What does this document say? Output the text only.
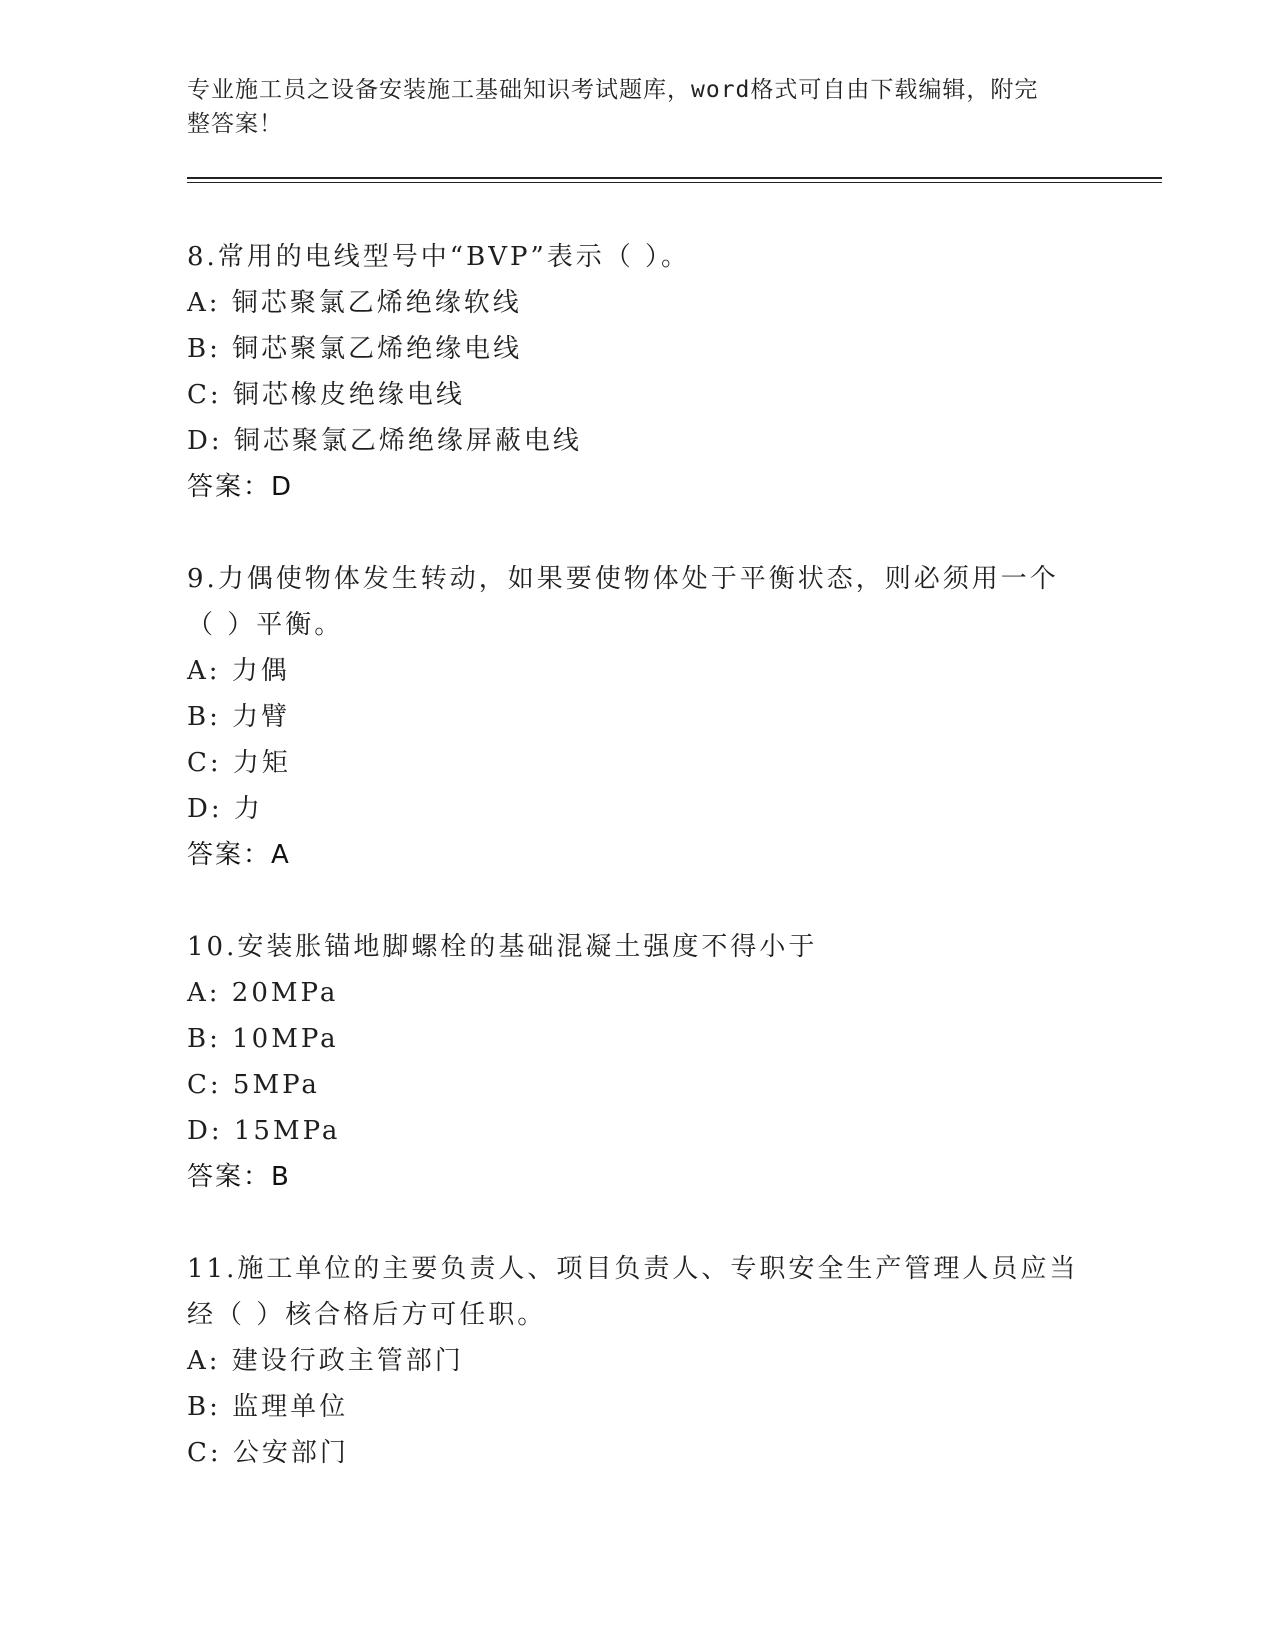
专业施工员之设备安装施工基础知识考试题库，word格式可自由下载编辑，附完
整答案！
8.常用的电线型号中“BVP”表示（ ）。
A: 铜芯聚氯乙烯绝缘软线
B: 铜芯聚氯乙烯绝缘电线
C: 铜芯橡皮绝缘电线
D: 铜芯聚氯乙烯绝缘屏蔽电线
答案：D
9.力偶使物体发生转动，如果要使物体处于平衡状态，则必须用一个
（ ）平衡。
A: 力偶
B: 力臂
C: 力矩
D: 力
答案：A
10.安装胀锚地脚螺栓的基础混凝土强度不得小于
A: 20MPa
B: 10MPa
C: 5MPa
D: 15MPa
答案：B
11.施工单位的主要负责人、项目负责人、专职安全生产管理人员应当
经（ ）核合格后方可任职。
A: 建设行政主管部门
B: 监理单位
C: 公安部门
